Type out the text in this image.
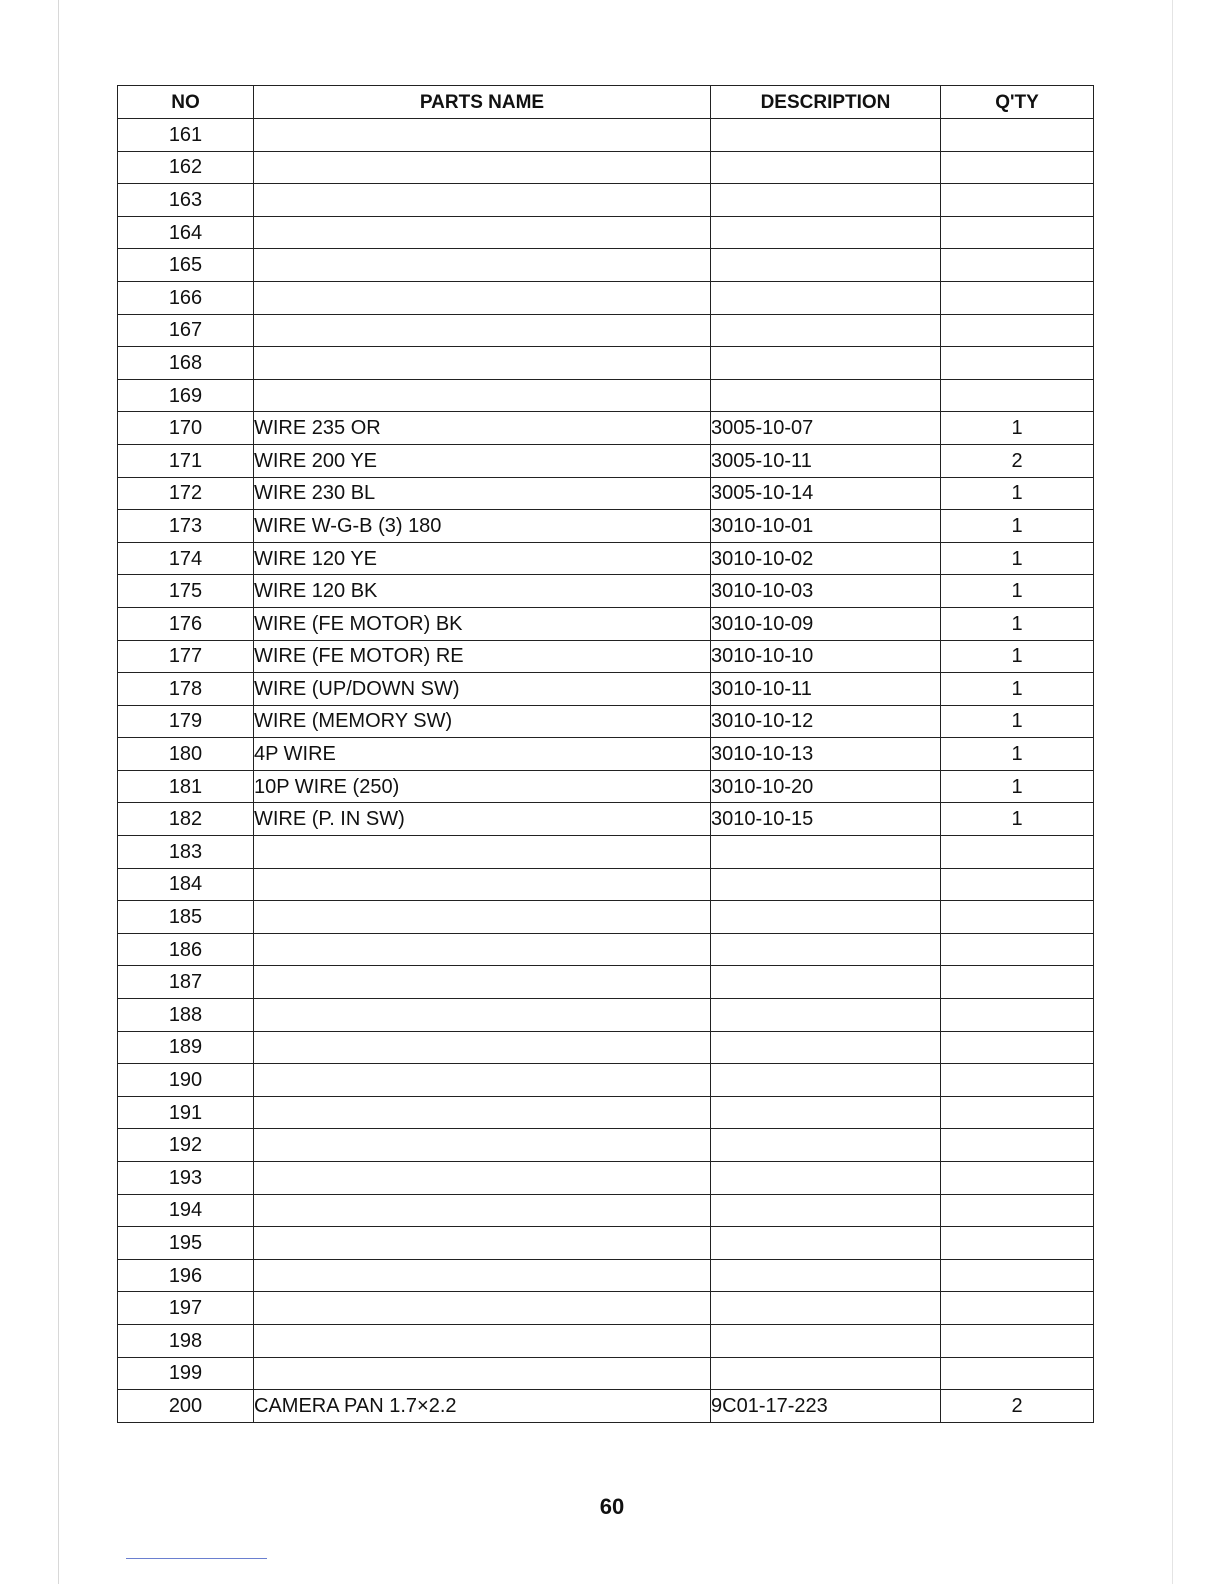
NO	PARTS NAME	DESCRIPTION	Q'TY
161			
162			
163			
164			
165			
166			
167			
168			
169			
170	WIRE 235 OR	3005-10-07	1
171	WIRE 200 YE	3005-10-11	2
172	WIRE 230 BL	3005-10-14	1
173	WIRE W-G-B (3) 180	3010-10-01	1
174	WIRE 120 YE	3010-10-02	1
175	WIRE 120 BK	3010-10-03	1
176	WIRE (FE MOTOR) BK	3010-10-09	1
177	WIRE (FE MOTOR) RE	3010-10-10	1
178	WIRE (UP/DOWN SW)	3010-10-11	1
179	WIRE (MEMORY SW)	3010-10-12	1
180	4P WIRE	3010-10-13	1
181	10P WIRE (250)	3010-10-20	1
182	WIRE (P. IN SW)	3010-10-15	1
183			
184			
185			
186			
187			
188			
189			
190			
191			
192			
193			
194			
195			
196			
197			
198			
199			
200	CAMERA PAN 1.7×2.2	9C01-17-223	2
60
